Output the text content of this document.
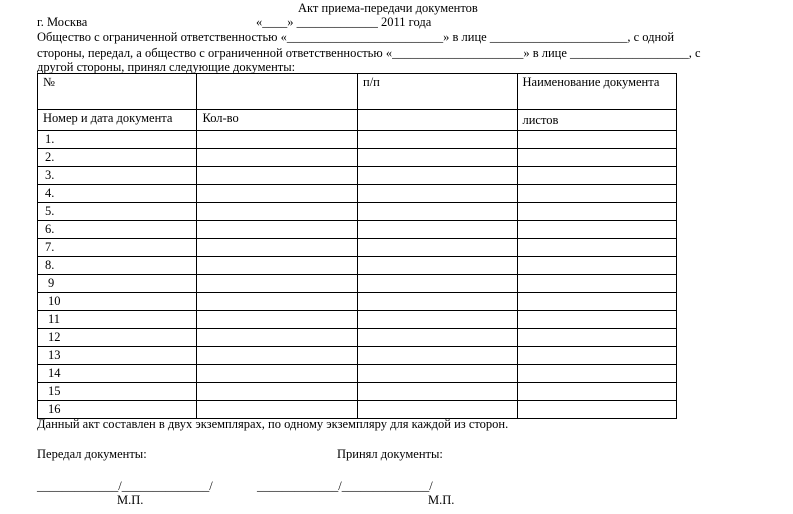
Акт приема-передачи документов
г. Москва	«____» _____________ 2011 года
Общество с ограниченной ответственностью «_________________________» в лице ______________________, с одной
стороны, передал, а общество с ограниченной ответственностью «_____________________» в лице ___________________, с
другой стороны, принял следующие документы:
№		п/п	Наименование документа
Номер и дата документа	Кол-во		листов
1.			
2.			
3.			
4.			
5.			
6.			
7.			
8.			
9			
10			
11			
12			
13			
14			
15			
16			
Данный акт составлен в двух экземплярах, по одному экземпляру для каждой из сторон.
Передал документы:	Принял документы:
_____________/______________/	_____________/______________/
М.П.	М.П.
